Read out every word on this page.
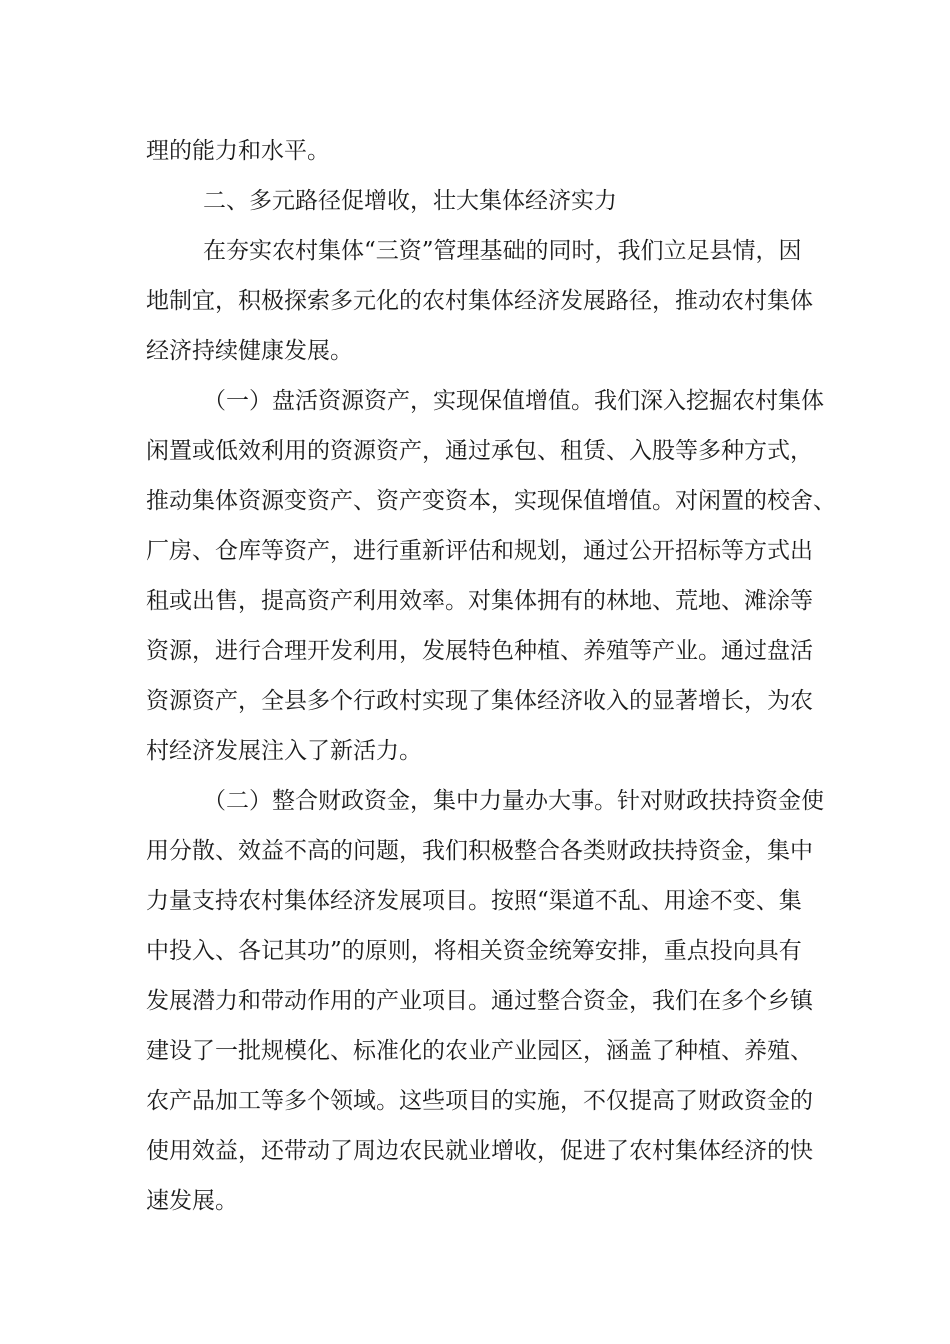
理的能力和水平。
二、多元路径促增收，壮大集体经济实力
在夯实农村集体“三资”管理基础的同时，我们立足县情，因
地制宜，积极探索多元化的农村集体经济发展路径，推动农村集体
经济持续健康发展。
（一）盘活资源资产，实现保值增值。我们深入挖掘农村集体
闲置或低效利用的资源资产，通过承包、租赁、入股等多种方式，
推动集体资源变资产、资产变资本，实现保值增值。对闲置的校舍、
厂房、仓库等资产，进行重新评估和规划，通过公开招标等方式出
租或出售，提高资产利用效率。对集体拥有的林地、荒地、滩涂等
资源，进行合理开发利用，发展特色种植、养殖等产业。通过盘活
资源资产，全县多个行政村实现了集体经济收入的显著增长，为农
村经济发展注入了新活力。
（二）整合财政资金，集中力量办大事。针对财政扶持资金使
用分散、效益不高的问题，我们积极整合各类财政扶持资金，集中
力量支持农村集体经济发展项目。按照“渠道不乱、用途不变、集
中投入、各记其功”的原则，将相关资金统筹安排，重点投向具有
发展潜力和带动作用的产业项目。通过整合资金，我们在多个乡镇
建设了一批规模化、标准化的农业产业园区，涵盖了种植、养殖、
农产品加工等多个领域。这些项目的实施，不仅提高了财政资金的
使用效益，还带动了周边农民就业增收，促进了农村集体经济的快
速发展。
